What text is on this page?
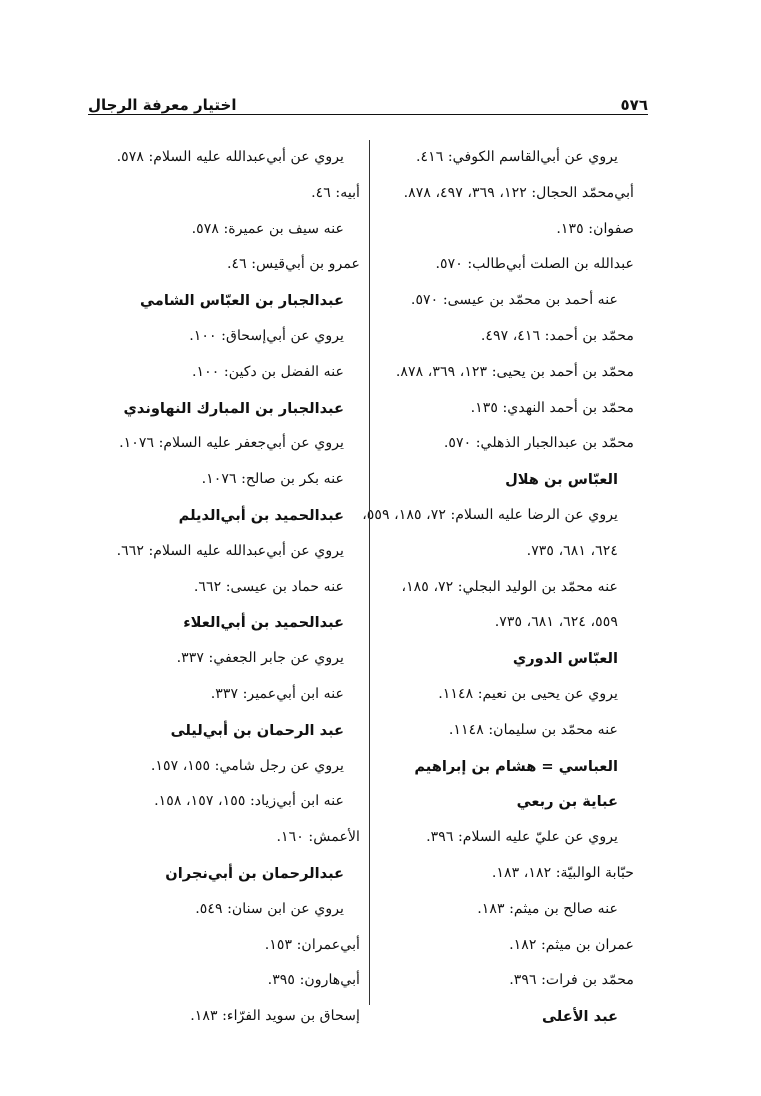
٥٧٦
اختيار معرفة الرجال
يروي عن أبي‌القاسم الكوفي: ٤١٦.
أبي‌محمّد الحجال: ١٢٢، ٣٦٩، ٤٩٧، ٨٧٨.
صفوان: ١٣٥.
عبدالله بن الصلت أبي‌طالب: ٥٧٠.
عنه أحمد بن محمّد بن عيسى: ٥٧٠.
محمّد بن أحمد: ٤١٦، ٤٩٧.
محمّد بن أحمد بن يحيى: ١٢٣، ٣٦٩، ٨٧٨.
محمّد بن أحمد النهدي: ١٣٥.
محمّد بن عبدالجبار الذهلي: ٥٧٠.
العبّاس بن هلال
يروي عن الرضا عليه السلام: ٧٢، ١٨٥، ٥٥٩،
٦٢٤، ٦٨١، ٧٣٥.
عنه محمّد بن الوليد البجلي: ٧٢، ١٨٥،
٥٥٩، ٦٢٤، ٦٨١، ٧٣٥.
العبّاس الدوري
يروي عن يحيى بن نعيم: ١١٤٨.
عنه محمّد بن سليمان: ١١٤٨.
العباسي = هشام بن إبراهيم
عباية بن ربعي
يروي عن عليّ عليه السلام: ٣٩٦.
حبّابة الوالبيّة: ١٨٢، ١٨٣.
عنه صالح بن ميثم: ١٨٣.
عمران بن ميثم: ١٨٢.
محمّد بن فرات: ٣٩٦.
عبد الأعلى
يروي عن أبي‌عبدالله عليه السلام: ٥٧٨.
أبيه: ٤٦.
عنه سيف بن عميرة: ٥٧٨.
عمرو بن أبي‌قيس: ٤٦.
عبدالجبار بن العبّاس الشامي
يروي عن أبي‌إسحاق: ١٠٠.
عنه الفضل بن دكين: ١٠٠.
عبدالجبار بن المبارك النهاوندي
يروي عن أبي‌جعفر عليه السلام: ١٠٧٦.
عنه بكر بن صالح: ١٠٧٦.
عبدالحميد بن أبي‌الديلم
يروي عن أبي‌عبدالله عليه السلام: ٦٦٢.
عنه حماد بن عيسى: ٦٦٢.
عبدالحميد بن أبي‌العلاء
يروي عن جابر الجعفي: ٣٣٧.
عنه ابن أبي‌عمير: ٣٣٧.
عبد الرحمان بن أبي‌ليلى
يروي عن رجل شامي: ١٥٥، ١٥٧.
عنه ابن أبي‌زياد: ١٥٥، ١٥٧، ١٥٨.
الأعمش: ١٦٠.
عبدالرحمان بن أبي‌نجران
يروي عن ابن سنان: ٥٤٩.
أبي‌عمران: ١٥٣.
أبي‌هارون: ٣٩٥.
إسحاق بن سويد الفرّاء: ١٨٣.
